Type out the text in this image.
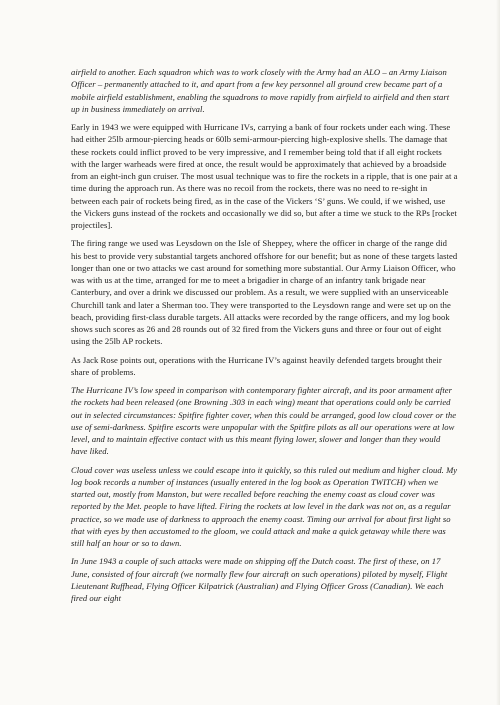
airfield to another. Each squadron which was to work closely with the Army had an ALO – an Army Liaison Officer – permanently attached to it, and apart from a few key personnel all ground crew became part of a mobile airfield establishment, enabling the squadrons to move rapidly from airfield to airfield and then start up in business immediately on arrival.

Early in 1943 we were equipped with Hurricane IVs, carrying a bank of four rockets under each wing. These had either 25lb armour-piercing heads or 60lb semi-armour-piercing high-explosive shells. The damage that these rockets could inflict proved to be very impressive, and I remember being told that if all eight rockets with the larger warheads were fired at once, the result would be approximately that achieved by a broadside from an eight-inch gun cruiser. The most usual technique was to fire the rockets in a ripple, that is one pair at a time during the approach run. As there was no recoil from the rockets, there was no need to re-sight in between each pair of rockets being fired, as in the case of the Vickers ‘S’ guns. We could, if we wished, use the Vickers guns instead of the rockets and occasionally we did so, but after a time we stuck to the RPs [rocket projectiles].

The firing range we used was Leysdown on the Isle of Sheppey, where the officer in charge of the range did his best to provide very substantial targets anchored offshore for our benefit; but as none of these targets lasted longer than one or two attacks we cast around for something more substantial. Our Army Liaison Officer, who was with us at the time, arranged for me to meet a brigadier in charge of an infantry tank brigade near Canterbury, and over a drink we discussed our problem. As a result, we were supplied with an unserviceable Churchill tank and later a Sherman too. They were transported to the Leysdown range and were set up on the beach, providing first-class durable targets. All attacks were recorded by the range officers, and my log book shows such scores as 26 and 28 rounds out of 32 fired from the Vickers guns and three or four out of eight using the 25lb AP rockets.

As Jack Rose points out, operations with the Hurricane IV’s against heavily defended targets brought their share of problems.

The Hurricane IV’s low speed in comparison with contemporary fighter aircraft, and its poor armament after the rockets had been released (one Browning .303 in each wing) meant that operations could only be carried out in selected circumstances: Spitfire fighter cover, when this could be arranged, good low cloud cover or the use of semi-darkness. Spitfire escorts were unpopular with the Spitfire pilots as all our operations were at low level, and to maintain effective contact with us this meant flying lower, slower and longer than they would have liked.

Cloud cover was useless unless we could escape into it quickly, so this ruled out medium and higher cloud. My log book records a number of instances (usually entered in the log book as Operation TWITCH) when we started out, mostly from Manston, but were recalled before reaching the enemy coast as cloud cover was reported by the Met. people to have lifted. Firing the rockets at low level in the dark was not on, as a regular practice, so we made use of darkness to approach the enemy coast. Timing our arrival for about first light so that with eyes by then accustomed to the gloom, we could attack and make a quick getaway while there was still half an hour or so to dawn.

In June 1943 a couple of such attacks were made on shipping off the Dutch coast. The first of these, on 17 June, consisted of four aircraft (we normally flew four aircraft on such operations) piloted by myself, Flight Lieutenant Ruffhead, Flying Officer Kilpatrick (Australian) and Flying Officer Gross (Canadian). We each fired our eight
